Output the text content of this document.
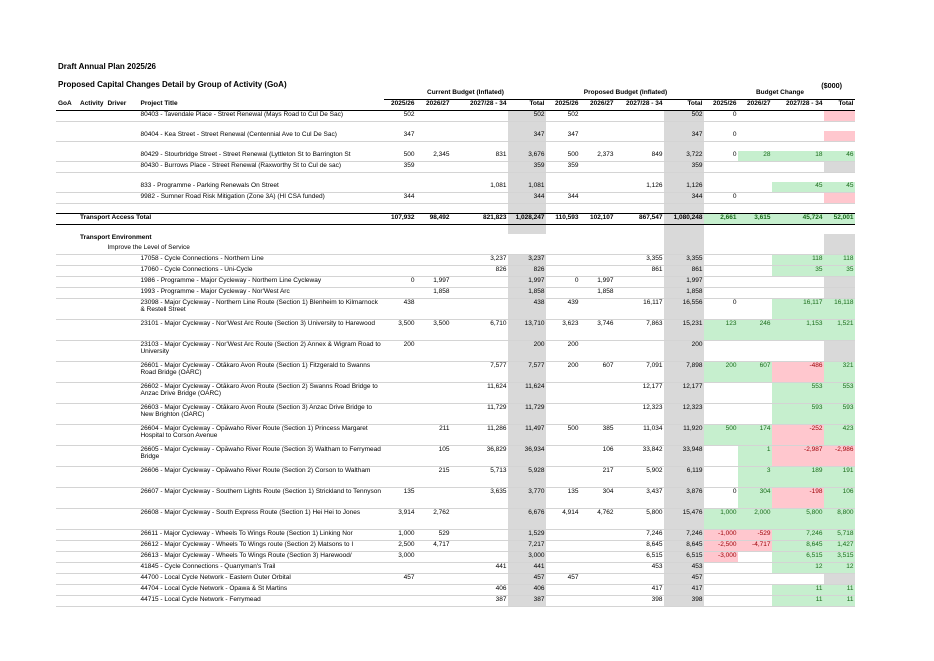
Draft Annual Plan 2025/26
Proposed Capital Changes Detail by Group of Activity (GoA)	($000)
				Current Budget (Inflated)				Proposed Budget (Inflated)				Budget Change			
GoA	Activity	Driver	Project Title	2025/26	2026/27	2027/28 - 34	Total	2025/26	2026/27	2027/28 - 34	Total	2025/26	2026/27	2027/28 - 34	Total
			80403 - Tavendale Place - Street Renewal (Mays Road to Cul De Sac)	502			502	502			502	0			

			80404 - Kea Street - Street Renewal (Centennial Ave to Cul De Sac)	347			347	347			347	0			

			80429 - Stourbridge Street - Street Renewal (Lyttleton St to Barrington St	500	2,345	831	3,676	500	2,373	849	3,722	0	28	18	46
			80430 - Burrows Place - Street Renewal (Raxworthy St to Cul de sac)	359			359	359			359				

			833 - Programme - Parking Renewals On Street			1,081	1,081			1,126	1,126			45	45
			9982 - Sumner Road Risk Mitigation (Zone 3A) (HI CSA funded)	344			344	344			344	0			

	Transport Access Total			107,932	98,492	821,823	1,028,247	110,593	102,107	867,547	1,080,248	2,661	3,615	45,724	52,001

	Transport Environment														
		Improve the Level of Service													
			17058 - Cycle Connections - Northern Line			3,237	3,237			3,355	3,355			118	118
			17060 - Cycle Connections - Uni-Cycle			826	826			861	861			35	35
			1986 - Programme - Major Cycleway - Northern Line Cycleway	0	1,997		1,997	0	1,997		1,997				
			1993 - Programme - Major Cycleway - Nor'West Arc		1,858		1,858		1,858		1,858				
			23098 - Major Cycleway - Northern Line Route (Section 1) Blenheim to Kilmarnock & Restell Street	438			438	439		16,117	16,556	0		16,117	16,118
			23101 - Major Cycleway - Nor'West Arc Route (Section 3) University to Harewood	3,500	3,500	6,710	13,710	3,623	3,746	7,863	15,231	123	246	1,153	1,521
			23103 - Major Cycleway - Nor'West Arc Route (Section 2) Annex & Wigram Road to University	200			200	200			200				
			26601 - Major Cycleway - Ōtākaro Avon Route (Section 1) Fitzgerald to Swanns Road Bridge (OARC)			7,577	7,577	200	607	7,091	7,898	200	607	-486	321
			26602 - Major Cycleway - Ōtākaro Avon Route (Section 2) Swanns Road Bridge to Anzac Drive Bridge (OARC)			11,624	11,624			12,177	12,177			553	553
			26603 - Major Cycleway - Ōtākaro Avon Route (Section 3) Anzac Drive Bridge to New Brighton (OARC)			11,729	11,729			12,323	12,323			593	593
			26604 - Major Cycleway - Ōpāwaho River Route (Section 1) Princess Margaret Hospital to Corson Avenue		211	11,286	11,497	500	385	11,034	11,920	500	174	-252	423
			26605 - Major Cycleway - Ōpāwaho River Route (Section 3) Waltham to Ferrymead Bridge		105	36,829	36,934		106	33,842	33,948		1	-2,987	-2,986
			26606 - Major Cycleway - Ōpāwaho River Route (Section 2) Corson to Waltham		215	5,713	5,928		217	5,902	6,119		3	189	191
			26607 - Major Cycleway - Southern Lights Route (Section 1) Strickland to Tennyson	135		3,635	3,770	135	304	3,437	3,876	0	304	-198	106
			26608 - Major Cycleway - South Express Route (Section 1) Hei Hei to Jones	3,914	2,762		6,676	4,914	4,762	5,800	15,476	1,000	2,000	5,800	8,800
			26611 - Major Cycleway - Wheels To Wings Route (Section 1) Linking Nor	1,000	529		1,529			7,246	7,246	-1,000	-529	7,246	5,718
			26612 - Major Cycleway - Wheels To Wings route (Section 2) Matsons to I	2,500	4,717		7,217			8,645	8,645	-2,500	-4,717	8,645	1,427
			26613 - Major Cycleway - Wheels To Wings Route (Section 3) Harewood/	3,000			3,000			6,515	6,515	-3,000		6,515	3,515
			41845 - Cycle Connections - Quarryman's Trail			441	441			453	453			12	12
			44700 - Local Cycle Network - Eastern Outer Orbital	457			457	457			457				
			44704 - Local Cycle Network - Opawa & St Martins			406	406			417	417			11	11
			44715 - Local Cycle Network - Ferrymead			387	387			398	398			11	11
